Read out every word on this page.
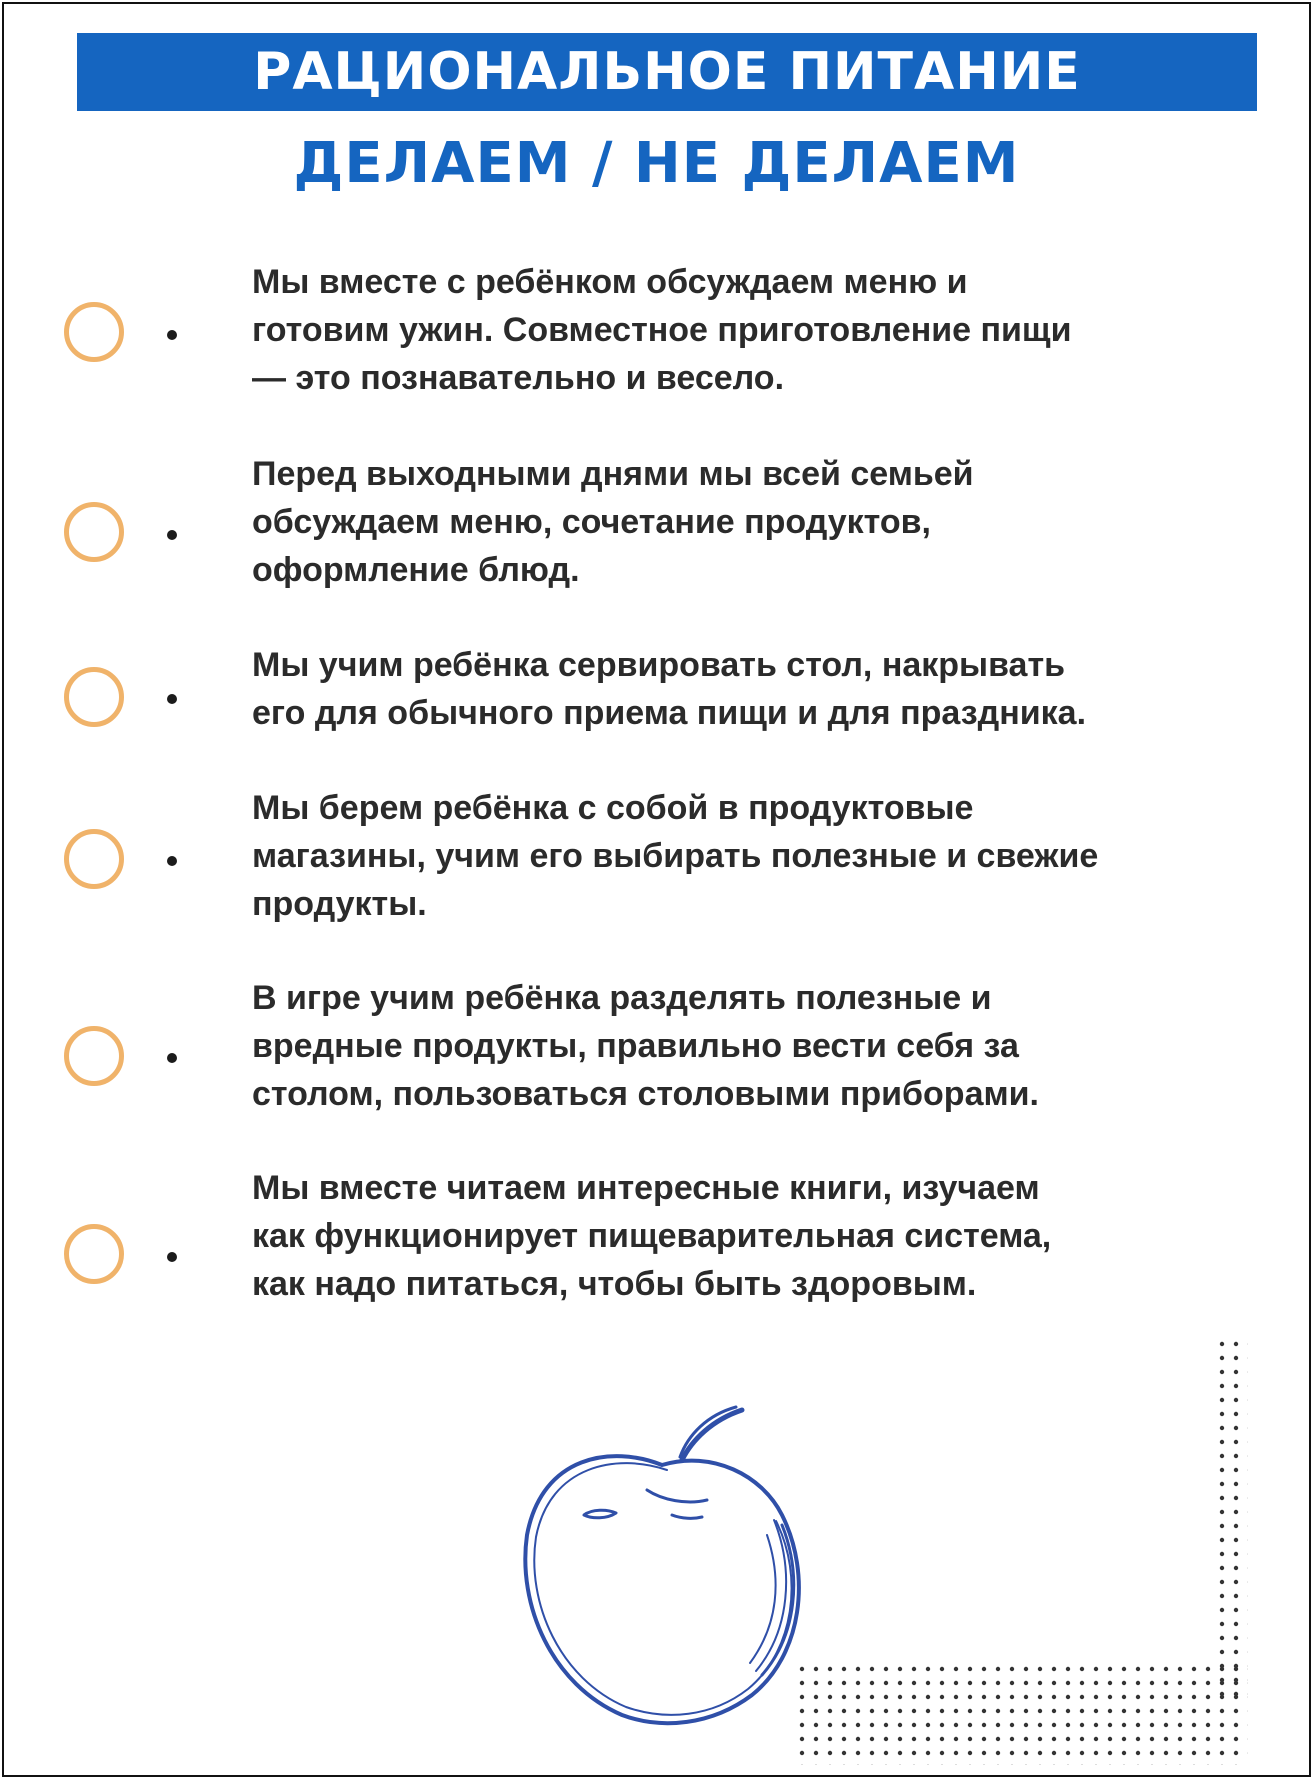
РАЦИОНАЛЬНОЕ ПИТАНИЕ
ДЕЛАЕМ / НЕ ДЕЛАЕМ
Мы вместе с ребёнком обсуждаем меню и
готовим ужин. Совместное приготовление пищи
— это познавательно и весело.
Перед выходными днями мы всей семьей
обсуждаем меню, сочетание продуктов,
оформление блюд.
Мы учим ребёнка сервировать стол, накрывать
его для обычного приема пищи и для праздника.
Мы берем ребёнка с собой в продуктовые
магазины, учим его выбирать полезные и свежие
продукты.
В игре учим ребёнка разделять полезные и
вредные продукты, правильно вести себя за
столом, пользоваться столовыми приборами.
Мы вместе читаем интересные книги, изучаем
как функционирует пищеварительная система,
как надо питаться, чтобы быть здоровым.
